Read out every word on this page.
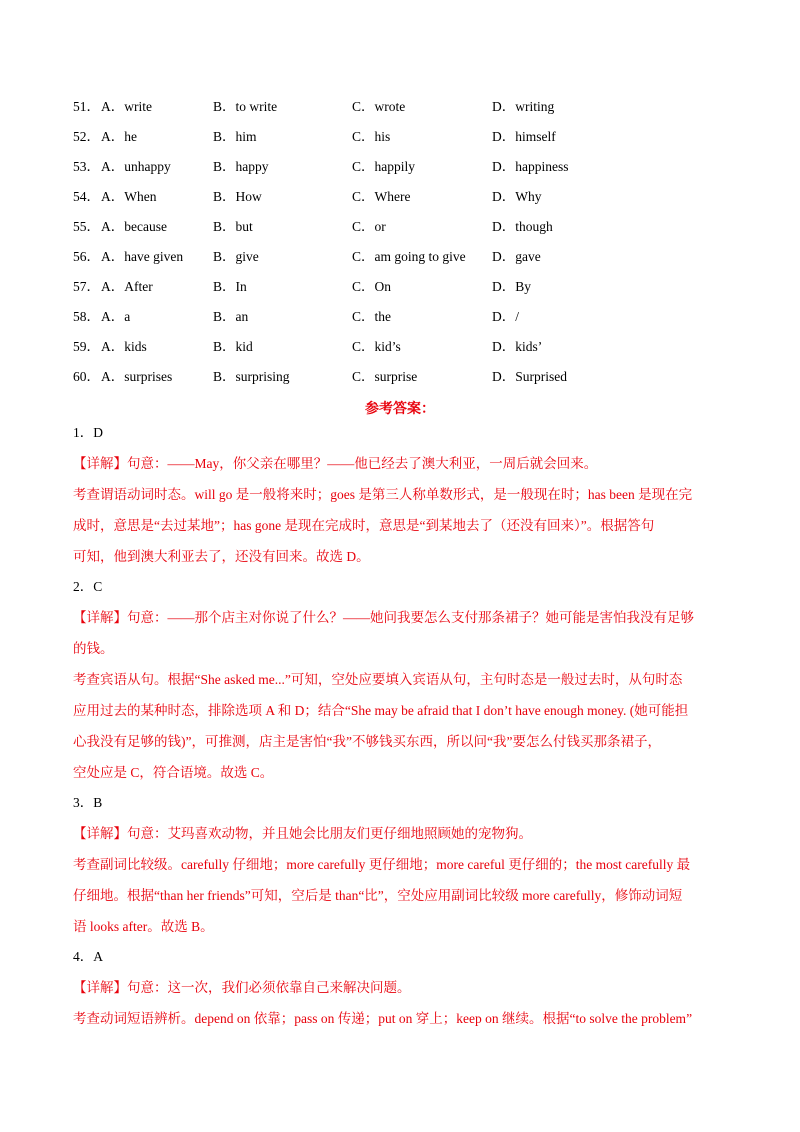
51． A．write	B．to write	C．wrote	D．writing
52． A．he	B．him	C．his	D．himself
53． A．unhappy	B．happy	C．happily	D．happiness
54． A．When	B．How	C．Where	D．Why
55． A．because	B．but	C．or	D．though
56． A．have given B．give	C．am going to give D．gave
57． A．After	B．In	C．On	D．By
58． A．a	B．an	C．the	D．/
59． A．kids	B．kid	C．kid’s	D．kids’
60． A．surprises	B．surprising	C．surprise	D．Surprised
参考答案：
1．D
【详解】句意：——May，你父亲在哪里？——他已经去了澳大利亚，一周后就会回来。
考查谓语动词时态。will go 是一般将来时；goes 是第三人称单数形式，是一般现在时；has been 是现在完
成时，意思是“去过某地”；has gone 是现在完成时，意思是“到某地去了（还没有回来）”。根据答句
可知，他到澳大利亚去了，还没有回来。故选 D。
2．C
【详解】句意：——那个店主对你说了什么？——她问我要怎么支付那条裙子？她可能是害怕我没有足够
的钱。
考查宾语从句。根据“She asked me...”可知，空处应要填入宾语从句，主句时态是一般过去时，从句时态
应用过去的某种时态，排除选项 A 和 D；结合“She may be afraid that I don’t have enough money. (她可能担
心我没有足够的钱)”，可推测，店主是害怕“我”不够钱买东西，所以问“我”要怎么付钱买那条裙子，
空处应是 C，符合语境。故选 C。
3．B
【详解】句意：艾玛喜欢动物，并且她会比朋友们更仔细地照顾她的宠物狗。
考查副词比较级。carefully 仔细地；more carefully 更仔细地；more careful 更仔细的；the most carefully 最
仔细地。根据“than her friends”可知，空后是 than“比”，空处应用副词比较级 more carefully，修饰动词短
语 looks after。故选 B。
4．A
【详解】句意：这一次，我们必须依靠自己来解决问题。
考查动词短语辨析。depend on 依靠；pass on 传递；put on 穿上；keep on 继续。根据“to solve the problem”
